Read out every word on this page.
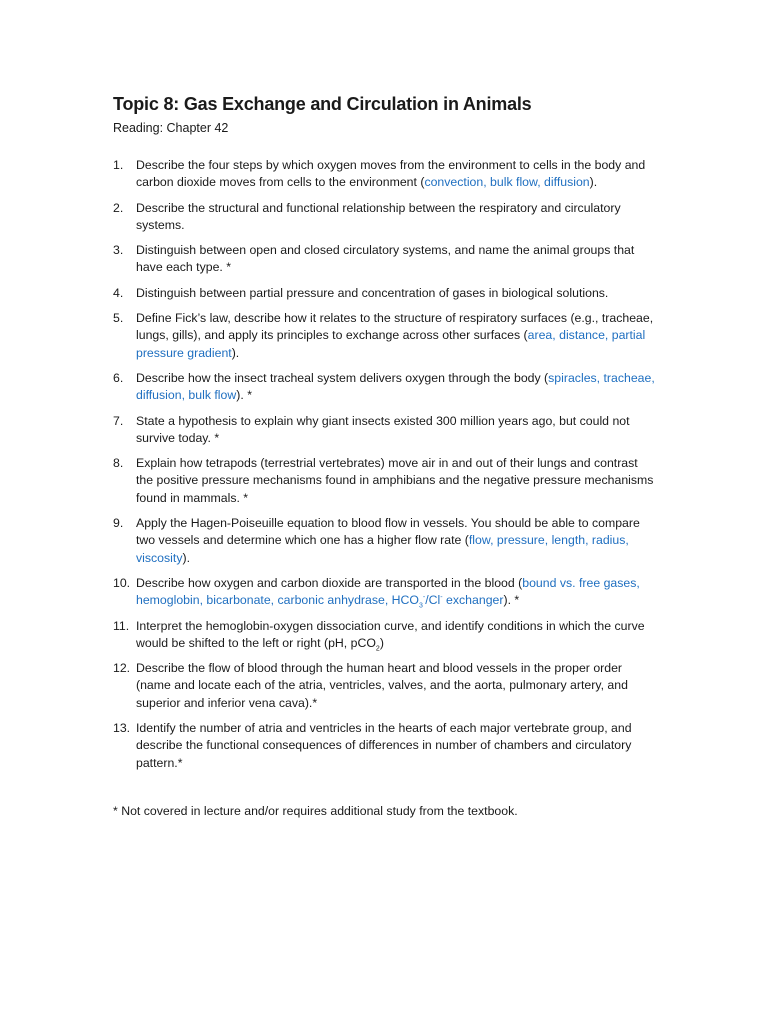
Topic 8: Gas Exchange and Circulation in Animals
Reading: Chapter 42
1. Describe the four steps by which oxygen moves from the environment to cells in the body and carbon dioxide moves from cells to the environment (convection, bulk flow, diffusion).
2. Describe the structural and functional relationship between the respiratory and circulatory systems.
3. Distinguish between open and closed circulatory systems, and name the animal groups that have each type. *
4. Distinguish between partial pressure and concentration of gases in biological solutions.
5. Define Fick’s law, describe how it relates to the structure of respiratory surfaces (e.g., tracheae, lungs, gills), and apply its principles to exchange across other surfaces (area, distance, partial pressure gradient).
6. Describe how the insect tracheal system delivers oxygen through the body (spiracles, tracheae, diffusion, bulk flow). *
7. State a hypothesis to explain why giant insects existed 300 million years ago, but could not survive today. *
8. Explain how tetrapods (terrestrial vertebrates) move air in and out of their lungs and contrast the positive pressure mechanisms found in amphibians and the negative pressure mechanisms found in mammals. *
9. Apply the Hagen-Poiseuille equation to blood flow in vessels. You should be able to compare two vessels and determine which one has a higher flow rate (flow, pressure, length, radius, viscosity).
10. Describe how oxygen and carbon dioxide are transported in the blood (bound vs. free gases, hemoglobin, bicarbonate, carbonic anhydrase, $HCO_3^-/Cl^-$ exchanger). *
11. Interpret the hemoglobin-oxygen dissociation curve, and identify conditions in which the curve would be shifted to the left or right (pH, pCO$_2$)
12. Describe the flow of blood through the human heart and blood vessels in the proper order (name and locate each of the atria, ventricles, valves, and the aorta, pulmonary artery, and superior and inferior vena cava).*
13. Identify the number of atria and ventricles in the hearts of each major vertebrate group, and describe the functional consequences of differences in number of chambers and circulatory pattern.*
* Not covered in lecture and/or requires additional study from the textbook.
